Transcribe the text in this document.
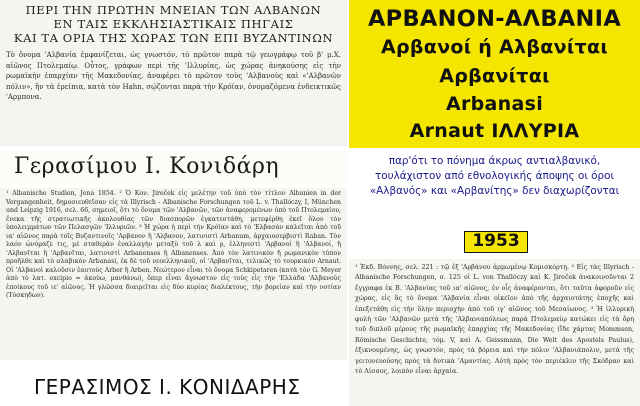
ΠΕΡΙ ΤΗΝ ΠΡΩΤΗΝ ΜΝΕΙΑΝ ΤΩΝ ΑΛΒΑΝΩΝ
ΕΝ ΤΑΙΣ ΕΚΚΛΗΣΙΑΣΤΙΚΑΙΣ ΠΗΓΑΙΣ
ΚΑΙ ΤΑ ΟΡΙΑ ΤΗΣ ΧΩΡΑΣ ΤΩΝ ΕΠΙ ΒΥΖΑΝΤΙΝΩΝ

Τὸ ὄνομα 'Αλβανία ἐμφανίζεται, ὡς γνωστόν, τὸ πρῶτον παρὰ τῷ γεωγράφῳ τοῦ β' μ.Χ. αἰῶνος Πτολεμαίῳ. Οὗτος, γράφων περὶ τῆς 'Ιλλυρίας, ὡς χώρας ἀνηκούσης εἰς τὴν ρωμαϊκὴν ἐπαρχίαν τῆς Μακεδονίας, ἀναφέρει τὸ πρῶτον τοὺς 'Αλβανοὺς καὶ «'Αλβανῶν πόλιν», ἣν τὰ ἐρείπια, κατὰ τὸν Hahn, σῴζονται παρὰ τὴν Κρόϊαν, ὀνομαζόμενα ἐνδεικτικῶς 'Αρμπονα.

Γερασίμου Ι. Κονιδάρη

¹ Albanische Studien, Jena 1854. ² Ὁ Κον. Jireček εἰς μελέτην τοῦ ὑπὸ τὸν τίτλον Albanien in der Vergangenheit, δημοσιευθεῖσαν εἰς τὰ Illyrisch - Albanische Forschungen τοῦ L. v. Thallóczy, I, München und Leipzig 1916, σελ. 66, σημειοῖ, ὅτι τὸ ὄνομα τῶν 'Αλβανῶν, τῶν ἀναφερομένων ὑπὸ τοῦ Πτολεμαίου, ἕνεκα τῆς στρατιωτικῆς ἀκολουθίας τῶν διασπορῶν ἐγκατεστάθη, μετεφέρθη ἐκεῖ ὅλον τὸν ὑπολειμμάτων τῶν Πελασγῶν 'Ιλλυριῶν. ³ Ἡ χώρα ἡ περὶ τὴν Κρόϊαν καὶ τὸ 'Ελβασάν καλεῖται ἀπὸ τοῦ ια' αἰῶνος παρὰ τοῖς Βυζαντινοῖς 'Αρβανον ἢ 'Αλβανον, λατινιστὶ Arbanum, ἀρχαιοσερβιστὶ Raban. Τὸν λαόν ὠνόμαζε τις, μὲ σταθερὰν ἐναλλαγὴν μεταξὺ τοῦ λ καὶ ρ, ἑλληνιστὶ 'Αρβανοί ἢ 'Αλβανοί, ἢ 'Αλβανῖται ἢ 'Αρβανῖται, λατινιστὶ Arbanenses ἢ Albanenses. Ἀπὸ τὸν λατινικὸν ἢ ρωμανικὸν τύπον προῆλθε καὶ τὸ σλαβικὸν Arbanasi, ἐκ δὲ τοῦ νεοελληνικοῦ, οἱ 'Αρβανῖται, τελικῶς τὸ τουρκικὸν Arnaut. Οἱ 'Αλβανοὶ καλοῦσιν ἑαυτοὺς Arber ἢ Arben. Νεώτερον εἶναι τὸ ὄνομα Schkipetaren (κατὰ τὸν G. Meyer ἀπὸ τὸ λατ. excipio = ἀκούω, μανθάνω), ὅπερ εἶναι ἄγνωστον εἰς τοὺς εἰς τὴν 'Ελλάδα 'Αλβανοὺς ἐποίκους τοῦ ιε' αἰῶνος. Ἡ γλῶσσα διαιρεῖται εἰς δύο κυρίας διαλέκτους, τὴν βορείαν καὶ τὴν νοτίαν (Τόσκηδων).

ΓΕΡΑΣΙΜΟΣ Ι. ΚΟΝΙΔΑΡΗΣ
ΑΡΒΑΝΟΝ-ΑΛΒΑΝΙΑ
Αρβανοί ή Αλβανίται
Αρβανίται
Arbanasi
Arnaut ΙΛΛΥΡΙΑ

παρ'ότι το πόνημα άκρως αντιαλβανικό, τουλάχιστον από εθνολογικής άποψης οι όροι «Αλβανός» και «Αρβανίτης» δεν διαχωρίζονται

1953

¹ Ἐκδ. Βόννης, σελ. 221 : τῷ ἐξ 'Αρβάνου ἀρμωμένῳ Κομισκόρτῃ. ² Εἰς τὰς Illyrisch - Albanische Forschungen, σ. 125 οἱ L. von Thallóczy καὶ K. Jireček ἀνακοινοῦνται 2 ἔγγραφα ἐκ Β. 'Αλβανίας τοῦ ια' αἰῶνος, ἐν οἷς ἀναφέρονται, ὅτι ταῦτα ἀφοροῦν εἰς χώρας, εἰς ἃς τὸ ὄνομα 'Αλβανία εἶναι οἰκεῖον ἀπὸ τῆς ἀρχαιοτάτης ἐποχῆς καὶ ἐπεξετάθη εἰς τὴν ὅλην περιοχὴν ἀπὸ τοῦ ιγ' αἰῶνος τοῦ Μεσαίωνος. ³ Ἡ ἰλλυρικὴ φυλὴ τῶν 'Αλβανῶν μετὰ τῆς 'Αλβανιαπόλεως παρὰ Πτολεμαίῳ κατώκει εἰς τὰ ὄρη τοῦ διπλοῦ μέρους τῆς ρωμαϊκῆς ἐπαρχίας τῆς Μακεδονίας (ἴδε χάρτας Mommsen, Römische Geschichte, τόμ. V, καὶ A. Geissmann, Die Welt des Apostels Paulus), ἐξικνουμένης, ὡς γνωστόν, πρὸς τὰ βόρεια καὶ τὴν πόλιν 'Αλβανιάπολιν, μετὰ τῆς γειτονευούσης πρὸς τὰ δυτικὰ 'Αμαντίας. Αὐτὴ πρὸς τὸν περιέκλιν τῆς Σκόδραν καὶ τὸ Λίσσος, λοιπὸν εἶναι ἀρχαία.
